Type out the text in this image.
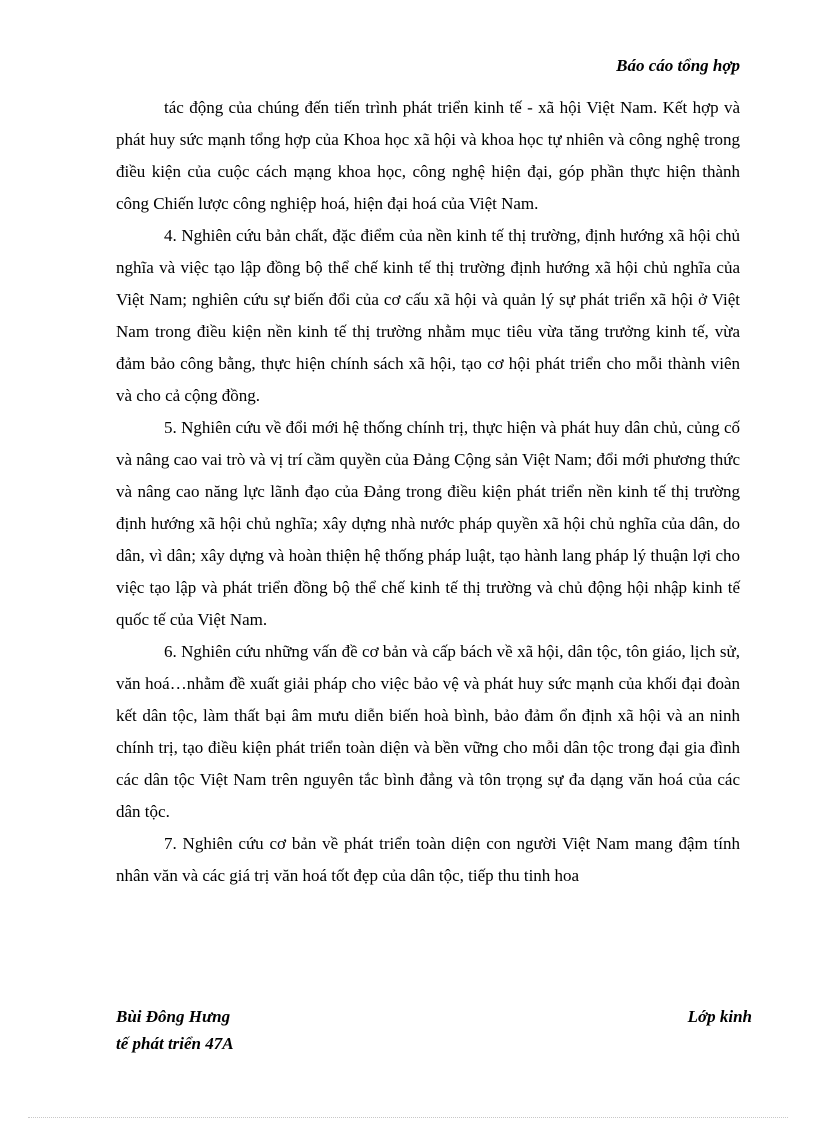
Báo cáo tổng hợp

tác động của chúng đến tiến trình phát triển kinh tế - xã hội Việt Nam. Kết hợp và phát huy sức mạnh tổng hợp của Khoa học xã hội và khoa học tự nhiên và công nghệ trong điều kiện của cuộc cách mạng khoa học, công nghệ hiện đại, góp phần thực hiện thành công Chiến lược công nghiệp hoá, hiện đại hoá của Việt Nam.

4. Nghiên cứu bản chất, đặc điểm của nền kinh tế thị trường, định hướng xã hội chủ nghĩa và việc tạo lập đồng bộ thể chế kinh tế thị trường định hướng xã hội chủ nghĩa của Việt Nam; nghiên cứu sự biến đổi của cơ cấu xã hội và quản lý sự phát triển xã hội ở Việt Nam trong điều kiện nền kinh tế thị trường nhằm mục tiêu vừa tăng trưởng kinh tế, vừa đảm bảo công bằng, thực hiện chính sách xã hội, tạo cơ hội phát triển cho mỗi thành viên và cho cả cộng đồng.

5. Nghiên cứu về đổi mới hệ thống chính trị, thực hiện và phát huy dân chủ, củng cố và nâng cao vai trò và vị trí cầm quyền của Đảng Cộng sản Việt Nam; đổi mới phương thức và nâng cao năng lực lãnh đạo của Đảng trong điều kiện phát triển nền kinh tế thị trường định hướng xã hội chủ nghĩa; xây dựng nhà nước pháp quyền xã hội chủ nghĩa của dân, do dân, vì dân; xây dựng và hoàn thiện hệ thống pháp luật, tạo hành lang pháp lý thuận lợi cho việc tạo lập và phát triển đồng bộ thể chế kinh tế thị trường và chủ động hội nhập kinh tế quốc tế của Việt Nam.

6. Nghiên cứu những vấn đề cơ bản và cấp bách về xã hội, dân tộc, tôn giáo, lịch sử, văn hoá…nhằm đề xuất giải pháp cho việc bảo vệ và phát huy sức mạnh của khối đại đoàn kết dân tộc, làm thất bại âm mưu diễn biến hoà bình, bảo đảm ổn định xã hội và an ninh chính trị, tạo điều kiện phát triển toàn diện và bền vững cho mỗi dân tộc trong đại gia đình các dân tộc Việt Nam trên nguyên tắc bình đẳng và tôn trọng sự đa dạng văn hoá của các dân tộc.

7. Nghiên cứu cơ bản về phát triển toàn diện con người Việt Nam mang đậm tính nhân văn và các giá trị văn hoá tốt đẹp của dân tộc, tiếp thu tinh hoa

Bùi Đông Hưng
tế phát triển 47A
Lớp kinh
